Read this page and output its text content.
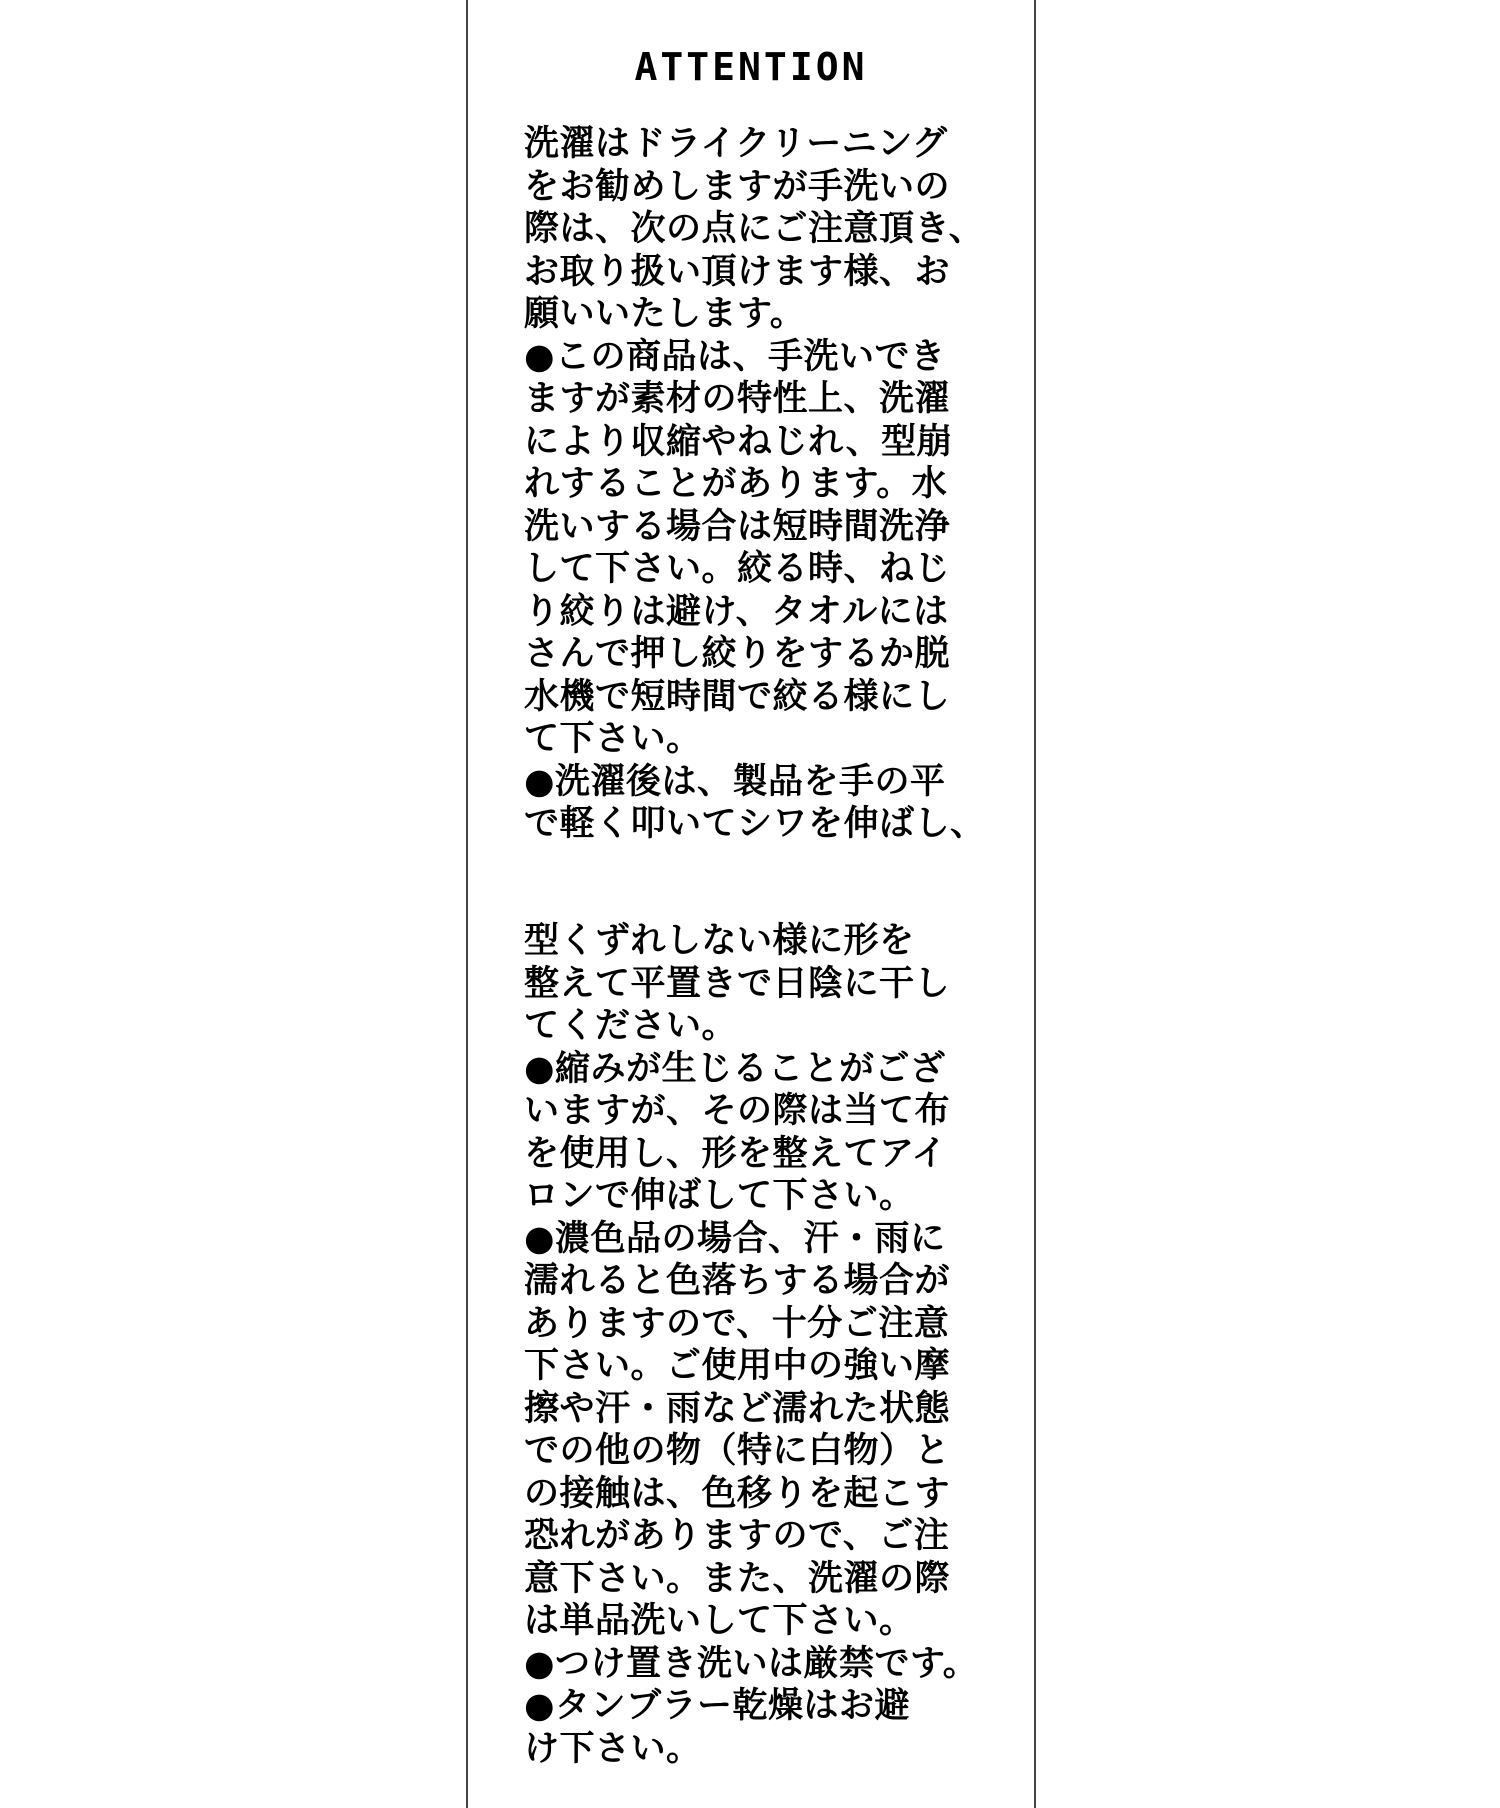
ATTENTION
洗濯はドライクリーニング
をお勧めしますが手洗いの
際は、次の点にご注意頂き、
お取り扱い頂けます様、お
願いいたします。
●この商品は、手洗いでき
ますが素材の特性上、洗濯
により収縮やねじれ、型崩
れすることがあります。水
洗いする場合は短時間洗浄
して下さい。絞る時、ねじ
り絞りは避け、タオルには
さんで押し絞りをするか脱
水機で短時間で絞る様にし
て下さい。
●洗濯後は、製品を手の平
で軽く叩いてシワを伸ばし、
型くずれしない様に形を
整えて平置きで日陰に干し
てください。
●縮みが生じることがござ
いますが、その際は当て布
を使用し、形を整えてアイ
ロンで伸ばして下さい。
●濃色品の場合、汗・雨に
濡れると色落ちする場合が
ありますので、十分ご注意
下さい。ご使用中の強い摩
擦や汗・雨など濡れた状態
での他の物（特に白物）と
の接触は、色移りを起こす
恐れがありますので、ご注
意下さい。また、洗濯の際
は単品洗いして下さい。
●つけ置き洗いは厳禁です。
●タンブラー乾燥はお避
け下さい。
